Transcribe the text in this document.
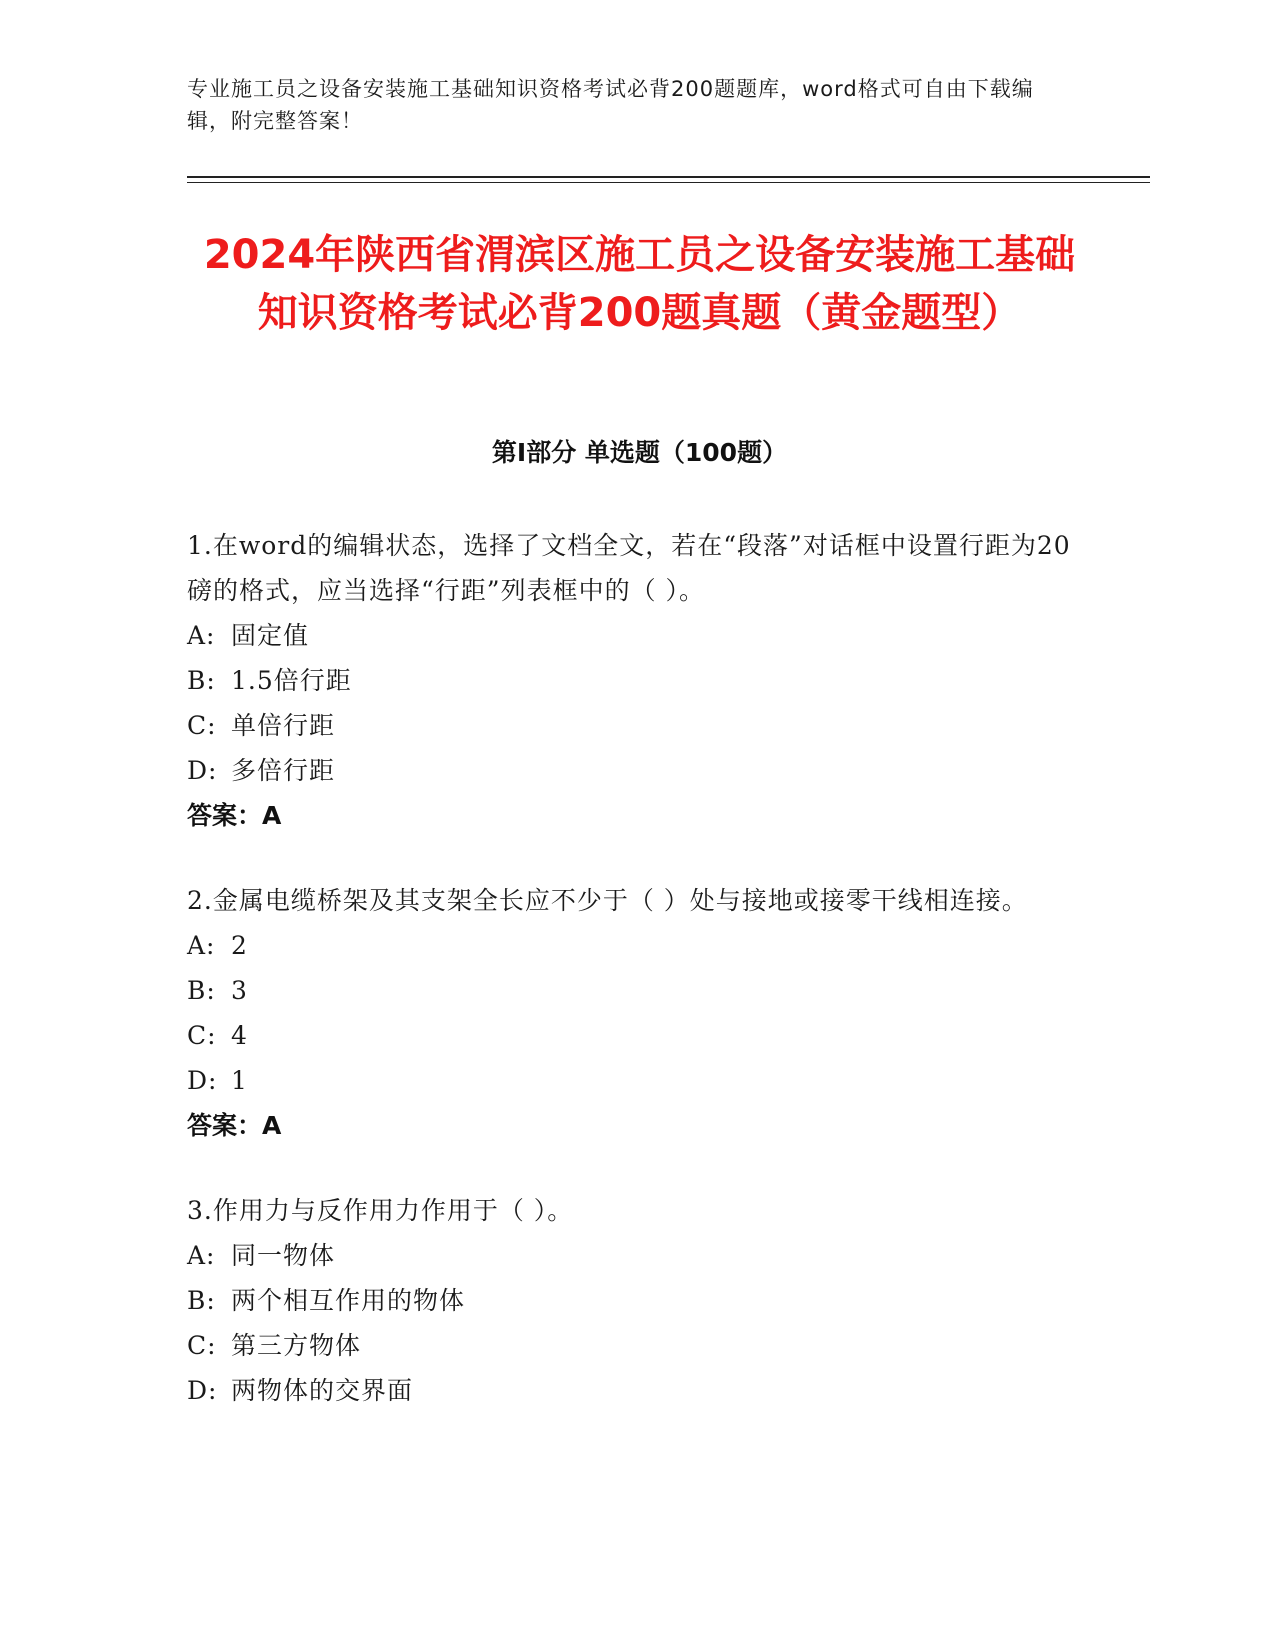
专业施工员之设备安装施工基础知识资格考试必背200题题库，word格式可自由下载编辑，附完整答案！
2024年陕西省渭滨区施工员之设备安装施工基础知识资格考试必背200题真题（黄金题型）
第I部分 单选题（100题）
1.在word的编辑状态，选择了文档全文，若在“段落”对话框中设置行距为20磅的格式，应当选择“行距”列表框中的（ ）。
A: 固定值
B: 1.5倍行距
C: 单倍行距
D: 多倍行距
答案：A
2.金属电缆桥架及其支架全长应不少于（ ）处与接地或接零干线相连接。
A: 2
B: 3
C: 4
D: 1
答案：A
3.作用力与反作用力作用于（ ）。
A: 同一物体
B: 两个相互作用的物体
C: 第三方物体
D: 两物体的交界面
